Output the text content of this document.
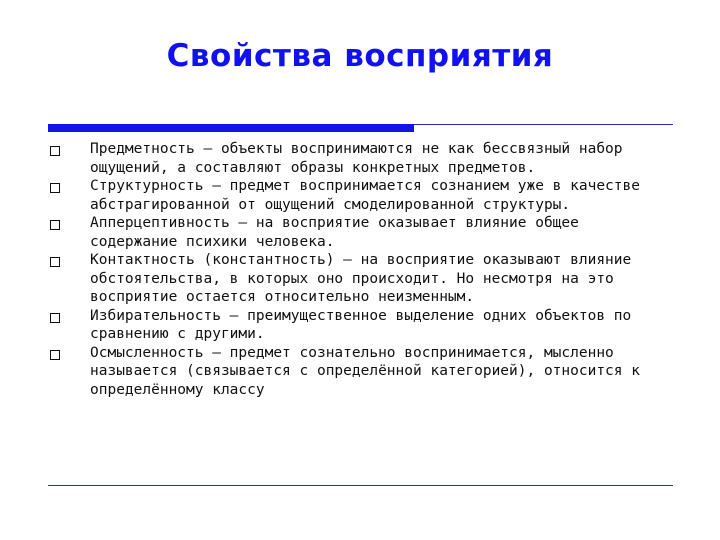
Свойства восприятия
Предметность — объекты воспринимаются не как бессвязный набор ощущений, а составляют образы конкретных предметов.
Структурность — предмет воспринимается сознанием уже в качестве абстрагированной от ощущений смоделированной структуры.
Апперцептивность — на восприятие оказывает влияние общее содержание психики человека.
Контактность (константность) — на восприятие оказывают влияние обстоятельства, в которых оно происходит. Но несмотря на это восприятие остается относительно неизменным.
Избирательность — преимущественное выделение одних объектов по сравнению с другими.
Осмысленность — предмет сознательно воспринимается, мысленно называется (связывается с определённой категорией), относится к определённому классу
